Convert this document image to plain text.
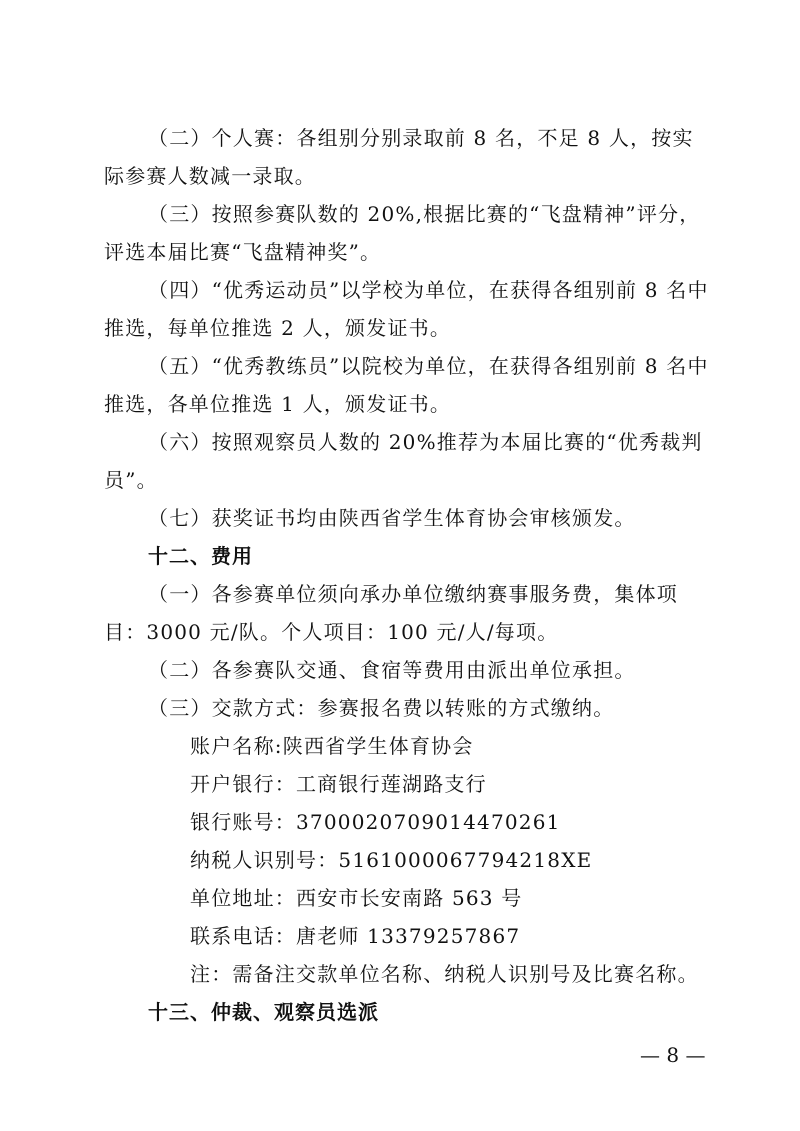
（二）个人赛：各组别分别录取前 8 名，不足 8 人，按实
际参赛人数减一录取。
（三）按照参赛队数的 20%,根据比赛的“飞盘精神”评分，
评选本届比赛“飞盘精神奖”。
（四）“优秀运动员”以学校为单位，在获得各组别前 8 名中
推选，每单位推选 2 人，颁发证书。
（五）“优秀教练员”以院校为单位，在获得各组别前 8 名中
推选，各单位推选 1 人，颁发证书。
（六）按照观察员人数的 20%推荐为本届比赛的“优秀裁判
员”。
（七）获奖证书均由陕西省学生体育协会审核颁发。
十二、费用
（一）各参赛单位须向承办单位缴纳赛事服务费，集体项
目：3000 元/队。个人项目：100 元/人/每项。
（二）各参赛队交通、食宿等费用由派出单位承担。
（三）交款方式：参赛报名费以转账的方式缴纳。
账户名称:陕西省学生体育协会
开户银行：工商银行莲湖路支行
银行账号：3700020709014470261
纳税人识别号：5161000067794218XE
单位地址：西安市长安南路 563 号
联系电话：唐老师 13379257867
注：需备注交款单位名称、纳税人识别号及比赛名称。
十三、仲裁、观察员选派
— 8 —
